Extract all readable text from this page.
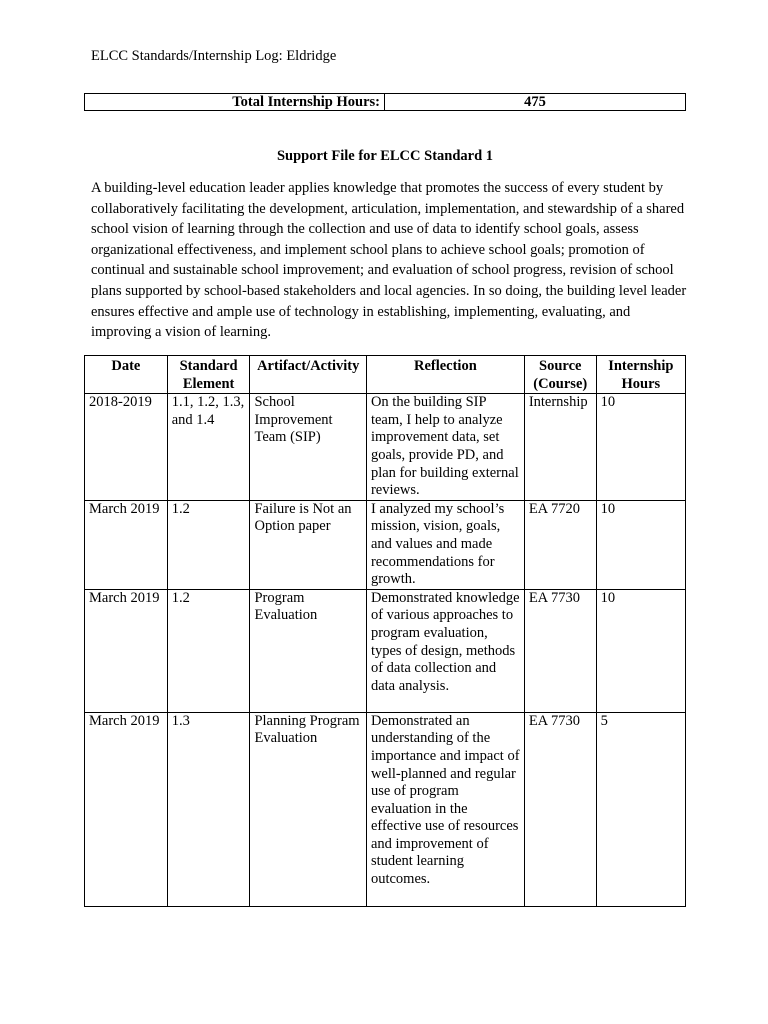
ELCC Standards/Internship Log: Eldridge
Total Internship Hours:	475
Support File for ELCC Standard 1

A building-level education leader applies knowledge that promotes the success of every student by collaboratively facilitating the development, articulation, implementation, and stewardship of a shared school vision of learning through the collection and use of data to identify school goals, assess organizational effectiveness, and implement school plans to achieve school goals; promotion of continual and sustainable school improvement; and evaluation of school progress, revision of school plans supported by school-based stakeholders and local agencies. In so doing, the building level leader ensures effective and ample use of technology in establishing, implementing, evaluating, and improving a vision of learning.

Date	Standard Element	Artifact/Activity	Reflection	Source (Course)	Internship Hours
2018-2019	1.1, 1.2, 1.3, and 1.4	School Improvement Team (SIP)	On the building SIP team, I help to analyze improvement data, set goals, provide PD, and plan for building external reviews.	Internship	10
March 2019	1.2	Failure is Not an Option paper	I analyzed my school’s mission, vision, goals, and values and made recommendations for growth.	EA 7720	10
March 2019	1.2	Program Evaluation	Demonstrated knowledge of various approaches to program evaluation, types of design, methods of data collection and data analysis.	EA 7730	10
March 2019	1.3	Planning Program Evaluation	Demonstrated an understanding of the importance and impact of well-planned and regular use of program evaluation in the effective use of resources and improvement of student learning outcomes.	EA 7730	5
